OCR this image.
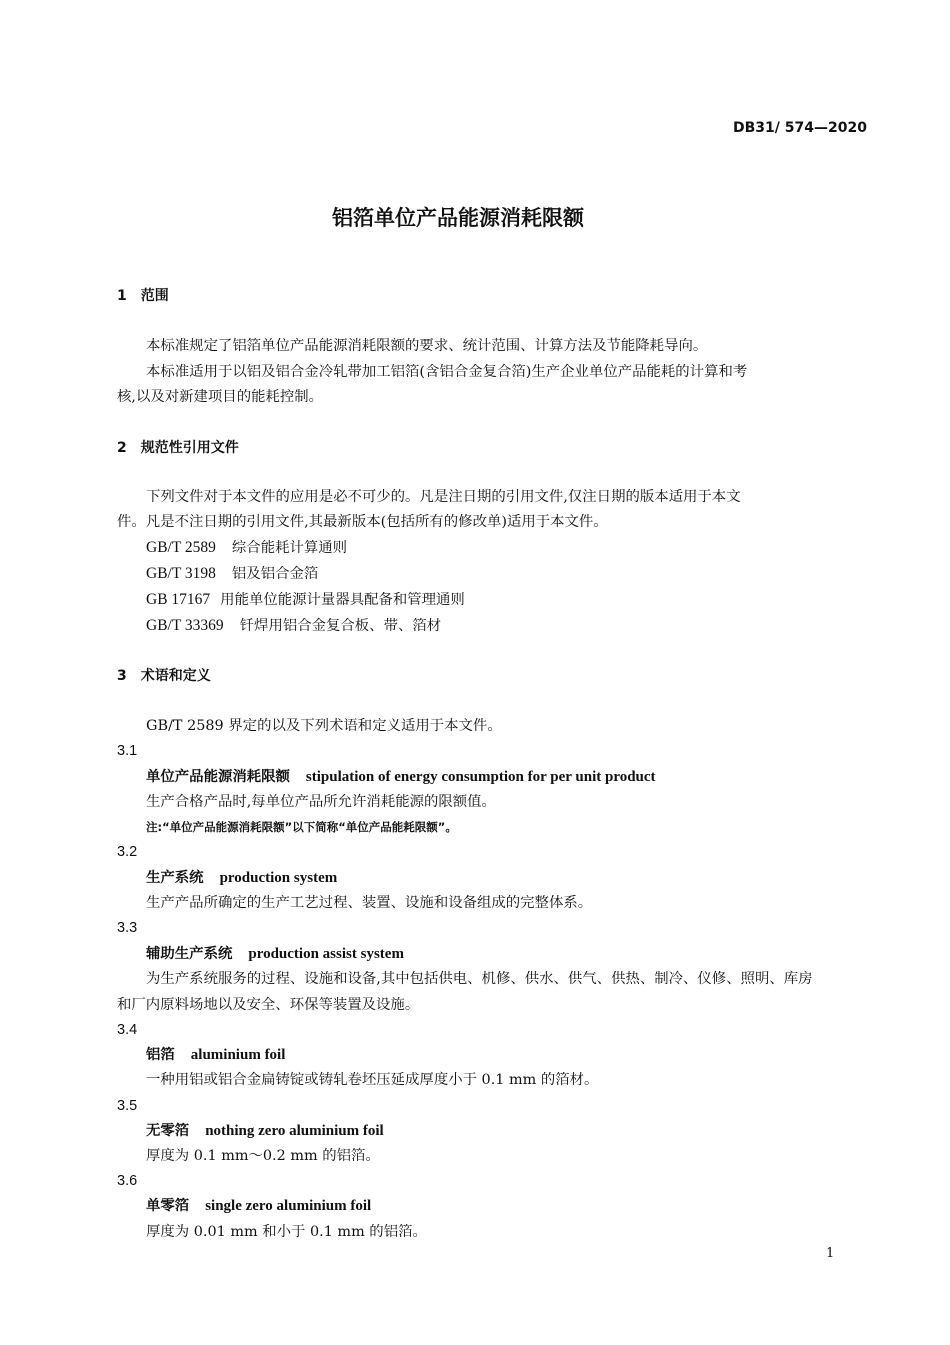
DB31/ 574—2020
铝箔单位产品能源消耗限额
1　范围
本标准规定了铝箔单位产品能源消耗限额的要求、统计范围、计算方法及节能降耗导向。
本标准适用于以铝及铝合金冷轧带加工铝箔(含铝合金复合箔)生产企业单位产品能耗的计算和考
核,以及对新建项目的能耗控制。
2　规范性引用文件
下列文件对于本文件的应用是必不可少的。凡是注日期的引用文件,仅注日期的版本适用于本文
件。凡是不注日期的引用文件,其最新版本(包括所有的修改单)适用于本文件。
GB/T 2589 综合能耗计算通则
GB/T 3198 铝及铝合金箔
GB 17167 用能单位能源计量器具配备和管理通则
GB/T 33369 钎焊用铝合金复合板、带、箔材
3　术语和定义
GB/T 2589 界定的以及下列术语和定义适用于本文件。
3.1
单位产品能源消耗限额 stipulation of energy consumption for per unit product
生产合格产品时,每单位产品所允许消耗能源的限额值。
注:“单位产品能源消耗限额”以下简称“单位产品能耗限额”。
3.2
生产系统 production system
生产产品所确定的生产工艺过程、装置、设施和设备组成的完整体系。
3.3
辅助生产系统 production assist system
为生产系统服务的过程、设施和设备,其中包括供电、机修、供水、供气、供热、制冷、仪修、照明、库房
和厂内原料场地以及安全、环保等装置及设施。
3.4
铝箔 aluminium foil
一种用铝或铝合金扁铸锭或铸轧卷坯压延成厚度小于 0.1 mm 的箔材。
3.5
无零箔 nothing zero aluminium foil
厚度为 0.1 mm～0.2 mm 的铝箔。
3.6
单零箔 single zero aluminium foil
厚度为 0.01 mm 和小于 0.1 mm 的铝箔。
1
